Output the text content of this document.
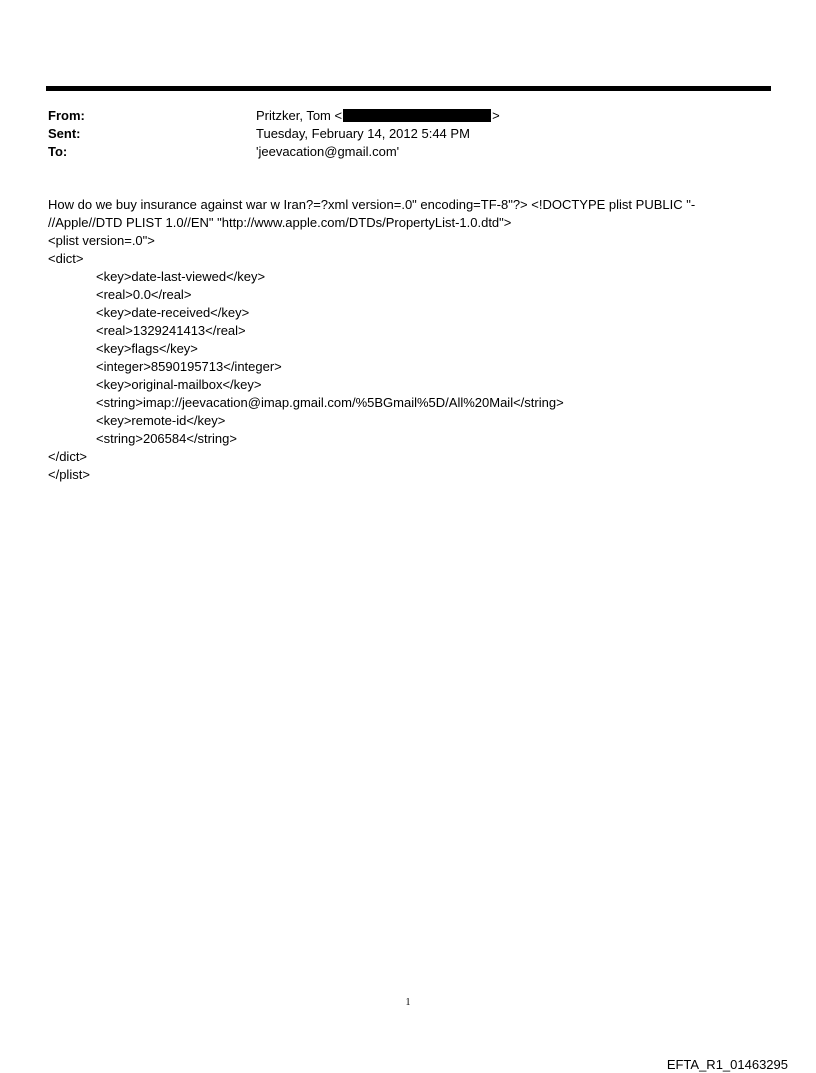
From:	Pritzker, Tom <	>
Sent:	Tuesday, February 14, 2012 5:44 PM
To:	'jeevacation@gmail.com'
How do we buy insurance against war w Iran?=?xml version=.0" encoding=TF-8"?> <!DOCTYPE plist PUBLIC "-
//Apple//DTD PLIST 1.0//EN" "http://www.apple.com/DTDs/PropertyList-1.0.dtd">
<plist version=.0">
<dict>
<key>date-last-viewed</key>
<real>0.0</real>
<key>date-received</key>
<real>1329241413</real>
<key>flags</key>
<integer>8590195713</integer>
<key>original-mailbox</key>
<string>imap://jeevacation@imap.gmail.com/%5BGmail%5D/All%20Mail</string>
<key>remote-id</key>
<string>206584</string>
</dict>
</plist>
1
EFTA_R1_01463295
